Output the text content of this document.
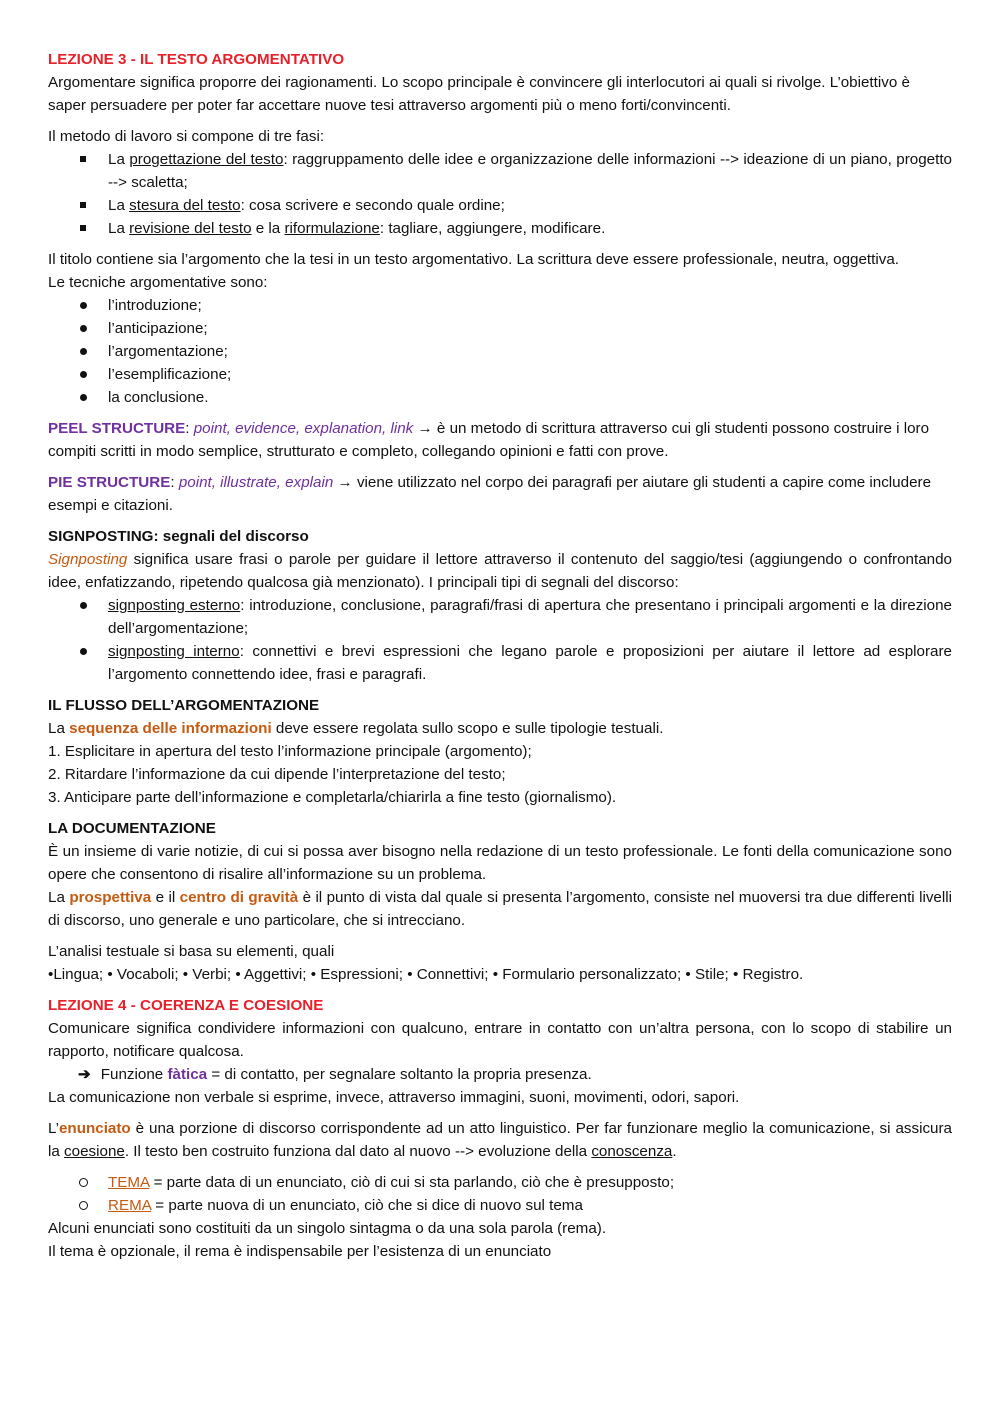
LEZIONE 3 - IL TESTO ARGOMENTATIVO

Argomentare significa proporre dei ragionamenti. Lo scopo principale è convincere gli interlocutori ai quali si rivolge. L’obiettivo è saper persuadere per poter far accettare nuove tesi attraverso argomenti più o meno forti/convincenti.

Il metodo di lavoro si compone di tre fasi:

La progettazione del testo: raggruppamento delle idee e organizzazione delle informazioni --> ideazione di un piano, progetto --> scaletta;
La stesura del testo: cosa scrivere e secondo quale ordine;
La revisione del testo e la riformulazione: tagliare, aggiungere, modificare.

Il titolo contiene sia l’argomento che la tesi in un testo argomentativo. La scrittura deve essere professionale, neutra, oggettiva.

Le tecniche argomentative sono:

l’introduzione;
l’anticipazione;
l’argomentazione;
l’esemplificazione;
la conclusione.

PEEL STRUCTURE: point, evidence, explanation, link → è un metodo di scrittura attraverso cui gli studenti possono costruire i loro compiti scritti in modo semplice, strutturato e completo, collegando opinioni e fatti con prove.

PIE STRUCTURE: point, illustrate, explain → viene utilizzato nel corpo dei paragrafi per aiutare gli studenti a capire come includere esempi e citazioni.

SIGNPOSTING: segnali del discorso

Signposting significa usare frasi o parole per guidare il lettore attraverso il contenuto del saggio/tesi (aggiungendo o confrontando idee, enfatizzando, ripetendo qualcosa già menzionato). I principali tipi di segnali del discorso:

signposting esterno: introduzione, conclusione, paragrafi/frasi di apertura che presentano i principali argomenti e la direzione dell’argomentazione;
signposting interno: connettivi e brevi espressioni che legano parole e proposizioni per aiutare il lettore ad esplorare l’argomento connettendo idee, frasi e paragrafi.

IL FLUSSO DELL’ARGOMENTAZIONE

La sequenza delle informazioni deve essere regolata sullo scopo e sulle tipologie testuali.

1. Esplicitare in apertura del testo l’informazione principale (argomento);

2. Ritardare l’informazione da cui dipende l’interpretazione del testo;

3. Anticipare parte dell’informazione e completarla/chiarirla a fine testo (giornalismo).

LA DOCUMENTAZIONE

È un insieme di varie notizie, di cui si possa aver bisogno nella redazione di un testo professionale. Le fonti della comunicazione sono opere che consentono di risalire all’informazione su un problema.

La prospettiva e il centro di gravità è il punto di vista dal quale si presenta l’argomento, consiste nel muoversi tra due differenti livelli di discorso, uno generale e uno particolare, che si intrecciano.

L’analisi testuale si basa su elementi, quali

•Lingua; • Vocaboli; • Verbi; • Aggettivi; • Espressioni; • Connettivi; • Formulario personalizzato; • Stile; • Registro.

LEZIONE 4 - COERENZA E COESIONE

Comunicare significa condividere informazioni con qualcuno, entrare in contatto con un’altra persona, con lo scopo di stabilire un rapporto, notificare qualcosa.

➔ Funzione fàtica = di contatto, per segnalare soltanto la propria presenza.

La comunicazione non verbale si esprime, invece, attraverso immagini, suoni, movimenti, odori, sapori.

L’enunciato è una porzione di discorso corrispondente ad un atto linguistico. Per far funzionare meglio la comunicazione, si assicura la coesione. Il testo ben costruito funziona dal dato al nuovo --> evoluzione della conoscenza.

TEMA = parte data di un enunciato, ciò di cui si sta parlando, ciò che è presupposto;
REMA = parte nuova di un enunciato, ciò che si dice di nuovo sul tema

Alcuni enunciati sono costituiti da un singolo sintagma o da una sola parola (rema).

Il tema è opzionale, il rema è indispensabile per l’esistenza di un enunciato
